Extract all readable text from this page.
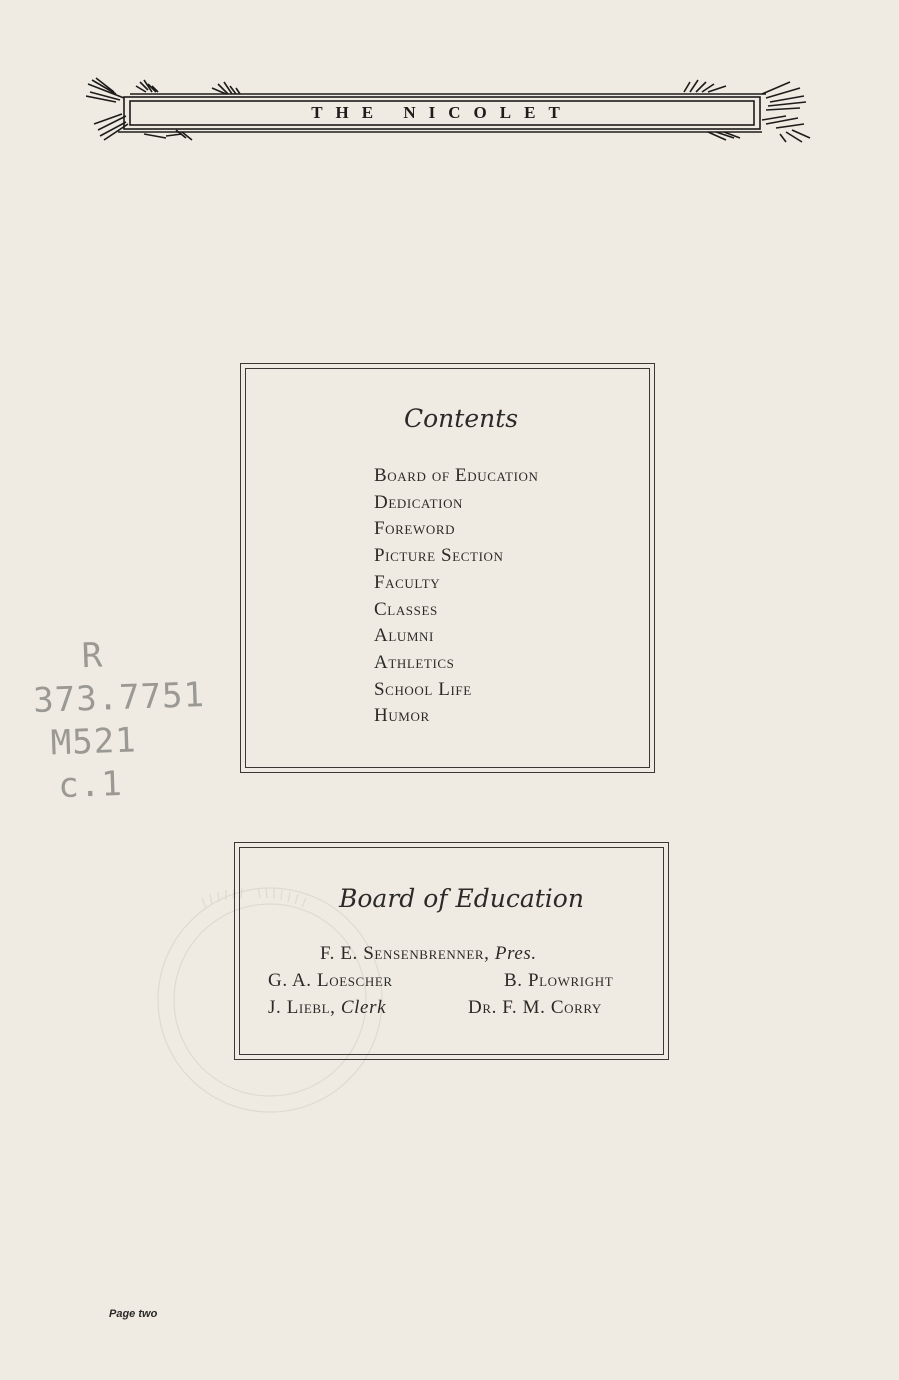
THE NICOLET
Contents
Board of Education
Dedication
Foreword
Picture Section
Faculty
Classes
Alumni
Athletics
School Life
Humor
Board of Education
F. E. Sensenbrenner, Pres.
G. A. Loescher	B. Plowright
J. Liebl, Clerk	Dr. F. M. Corry
R
373.7751
M521
c.1
Page two
